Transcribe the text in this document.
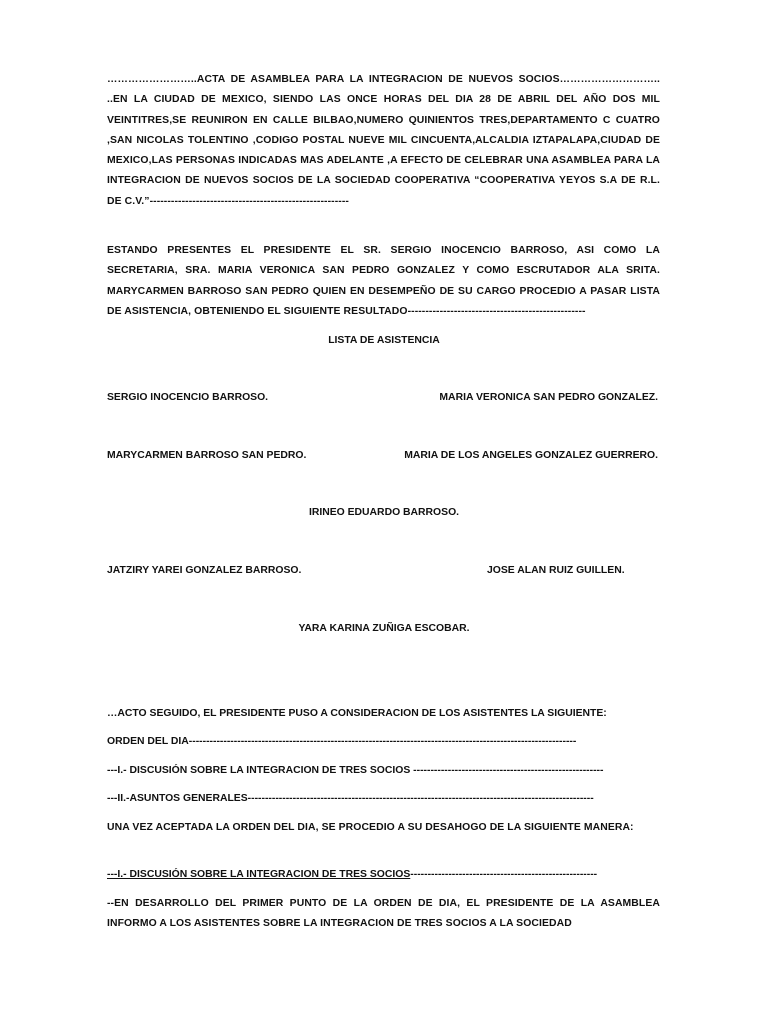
……………………..ACTA DE ASAMBLEA PARA LA INTEGRACION DE NUEVOS SOCIOS……………………….. ..EN LA CIUDAD DE MEXICO, SIENDO LAS ONCE HORAS DEL DIA 28 DE ABRIL DEL AÑO DOS MIL VEINTITRES,SE REUNIRON EN CALLE BILBAO,NUMERO QUINIENTOS TRES,DEPARTAMENTO C CUATRO ,SAN NICOLAS TOLENTINO ,CODIGO POSTAL NUEVE MIL CINCUENTA,ALCALDIA IZTAPALAPA,CIUDAD DE MEXICO,LAS PERSONAS INDICADAS MAS ADELANTE ,A EFECTO DE CELEBRAR UNA ASAMBLEA PARA LA INTEGRACION DE NUEVOS SOCIOS DE LA SOCIEDAD COOPERATIVA “COOPERATIVA YEYOS S.A DE R.L. DE C.V.”--------------------------------------------------------
ESTANDO PRESENTES EL PRESIDENTE EL SR. SERGIO INOCENCIO BARROSO, ASI COMO LA SECRETARIA, SRA. MARIA VERONICA SAN PEDRO GONZALEZ Y COMO ESCRUTADOR ALA SRITA. MARYCARMEN BARROSO SAN PEDRO QUIEN EN DESEMPEÑO DE SU CARGO PROCEDIO A PASAR LISTA DE ASISTENCIA, OBTENIENDO EL SIGUIENTE RESULTADO--------------------------------------------------
LISTA DE ASISTENCIA
SERGIO INOCENCIO BARROSO.	MARIA VERONICA SAN PEDRO GONZALEZ.
MARYCARMEN BARROSO SAN PEDRO.	MARIA DE LOS ANGELES GONZALEZ GUERRERO.
IRINEO EDUARDO BARROSO.
JATZIRY YAREI GONZALEZ BARROSO.	JOSE ALAN RUIZ GUILLEN.
YARA KARINA ZUÑIGA ESCOBAR.
…ACTO SEGUIDO, EL PRESIDENTE PUSO A CONSIDERACION DE LOS ASISTENTES LA SIGUIENTE:
ORDEN DEL DIA----------------------------------------------------------------------------------------------------------------
---I.- DISCUSIÓN SOBRE LA INTEGRACION DE TRES SOCIOS -------------------------------------------------------
---II.-ASUNTOS GENERALES----------------------------------------------------------------------------------------------------
UNA VEZ ACEPTADA LA ORDEN DEL DIA, SE PROCEDIO A SU DESAHOGO DE LA SIGUIENTE MANERA:
---I.- DISCUSIÓN SOBRE LA INTEGRACION DE TRES SOCIOS------------------------------------------------------
--EN DESARROLLO DEL PRIMER PUNTO DE LA ORDEN DE DIA, EL PRESIDENTE DE LA ASAMBLEA INFORMO A LOS ASISTENTES SOBRE LA INTEGRACION DE TRES SOCIOS A LA SOCIEDAD
